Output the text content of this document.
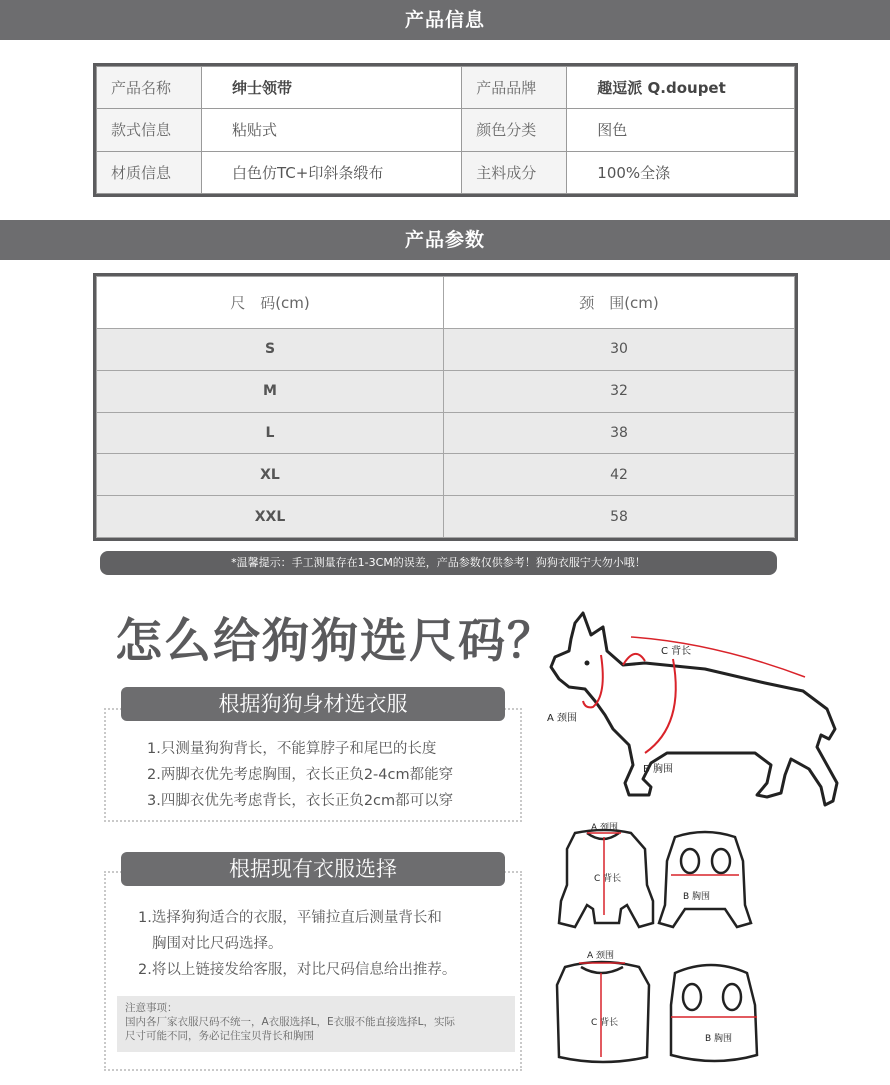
产品信息
产品名称	绅士领带	产品品牌	趣逗派 Q.doupet
款式信息	粘贴式	颜色分类	图色
材质信息	白色仿TC+印斜条缎布	主料成分	100%全涤
产品参数
尺　码(cm)	颈　围(cm)
S	30
M	32
L	38
XL	42
XXL	58
*温馨提示：手工测量存在1-3CM的误差，产品参数仅供参考！狗狗衣服宁大勿小哦！
怎么给狗狗选尺码？
根据狗狗身材选衣服
1.只测量狗狗背长，不能算脖子和尾巴的长度
2.两脚衣优先考虑胸围，衣长正负2-4cm都能穿
3.四脚衣优先考虑背长，衣长正负2cm都可以穿
根据现有衣服选择
1.选择狗狗适合的衣服，平铺拉直后测量背长和
胸围对比尺码选择。
2.将以上链接发给客服，对比尺码信息给出推荐。
注意事项：
国内各厂家衣服尺码不统一，A衣服选择L，E衣服不能直接选择L，实际
尺寸可能不同，务必记住宝贝背长和胸围
C 背长
A 颈围
B 胸围
A 颈围
C 背长
B 胸围
A 颈围
C 背长
B 胸围
